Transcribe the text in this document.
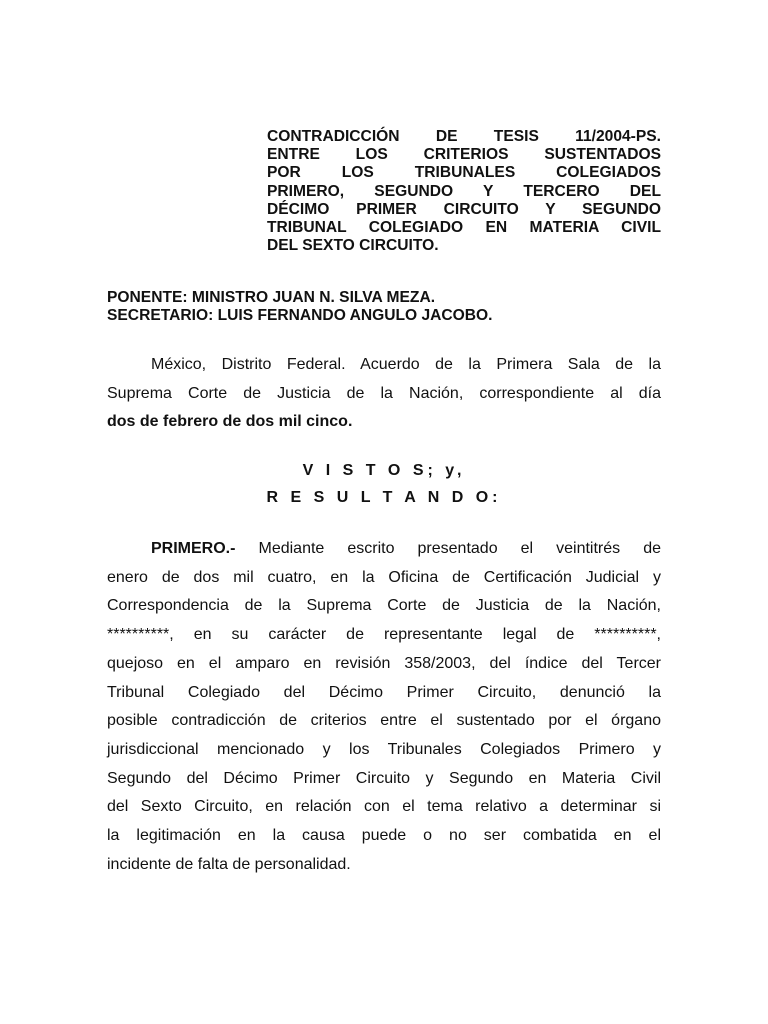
CONTRADICCIÓN DE TESIS 11/2004-PS.
ENTRE LOS CRITERIOS SUSTENTADOS
POR LOS TRIBUNALES COLEGIADOS
PRIMERO, SEGUNDO Y TERCERO DEL
DÉCIMO PRIMER CIRCUITO Y SEGUNDO
TRIBUNAL COLEGIADO EN MATERIA CIVIL
DEL SEXTO CIRCUITO.
PONENTE: MINISTRO JUAN N. SILVA MEZA.
SECRETARIO: LUIS FERNANDO ANGULO JACOBO.
México, Distrito Federal. Acuerdo de la Primera Sala de la
Suprema Corte de Justicia de la Nación, correspondiente al día
dos de febrero de dos mil cinco.
V I S T O S; y,
R E S U L T A N D O:
PRIMERO.- Mediante escrito presentado el veintitrés de
enero de dos mil cuatro, en la Oficina de Certificación Judicial y
Correspondencia de la Suprema Corte de Justicia de la Nación,
**********, en su carácter de representante legal de **********,
quejoso en el amparo en revisión 358/2003, del índice del Tercer
Tribunal Colegiado del Décimo Primer Circuito, denunció la
posible contradicción de criterios entre el sustentado por el órgano
jurisdiccional mencionado y los Tribunales Colegiados Primero y
Segundo del Décimo Primer Circuito y Segundo en Materia Civil
del Sexto Circuito, en relación con el tema relativo a determinar si
la legitimación en la causa puede o no ser combatida en el
incidente de falta de personalidad.
